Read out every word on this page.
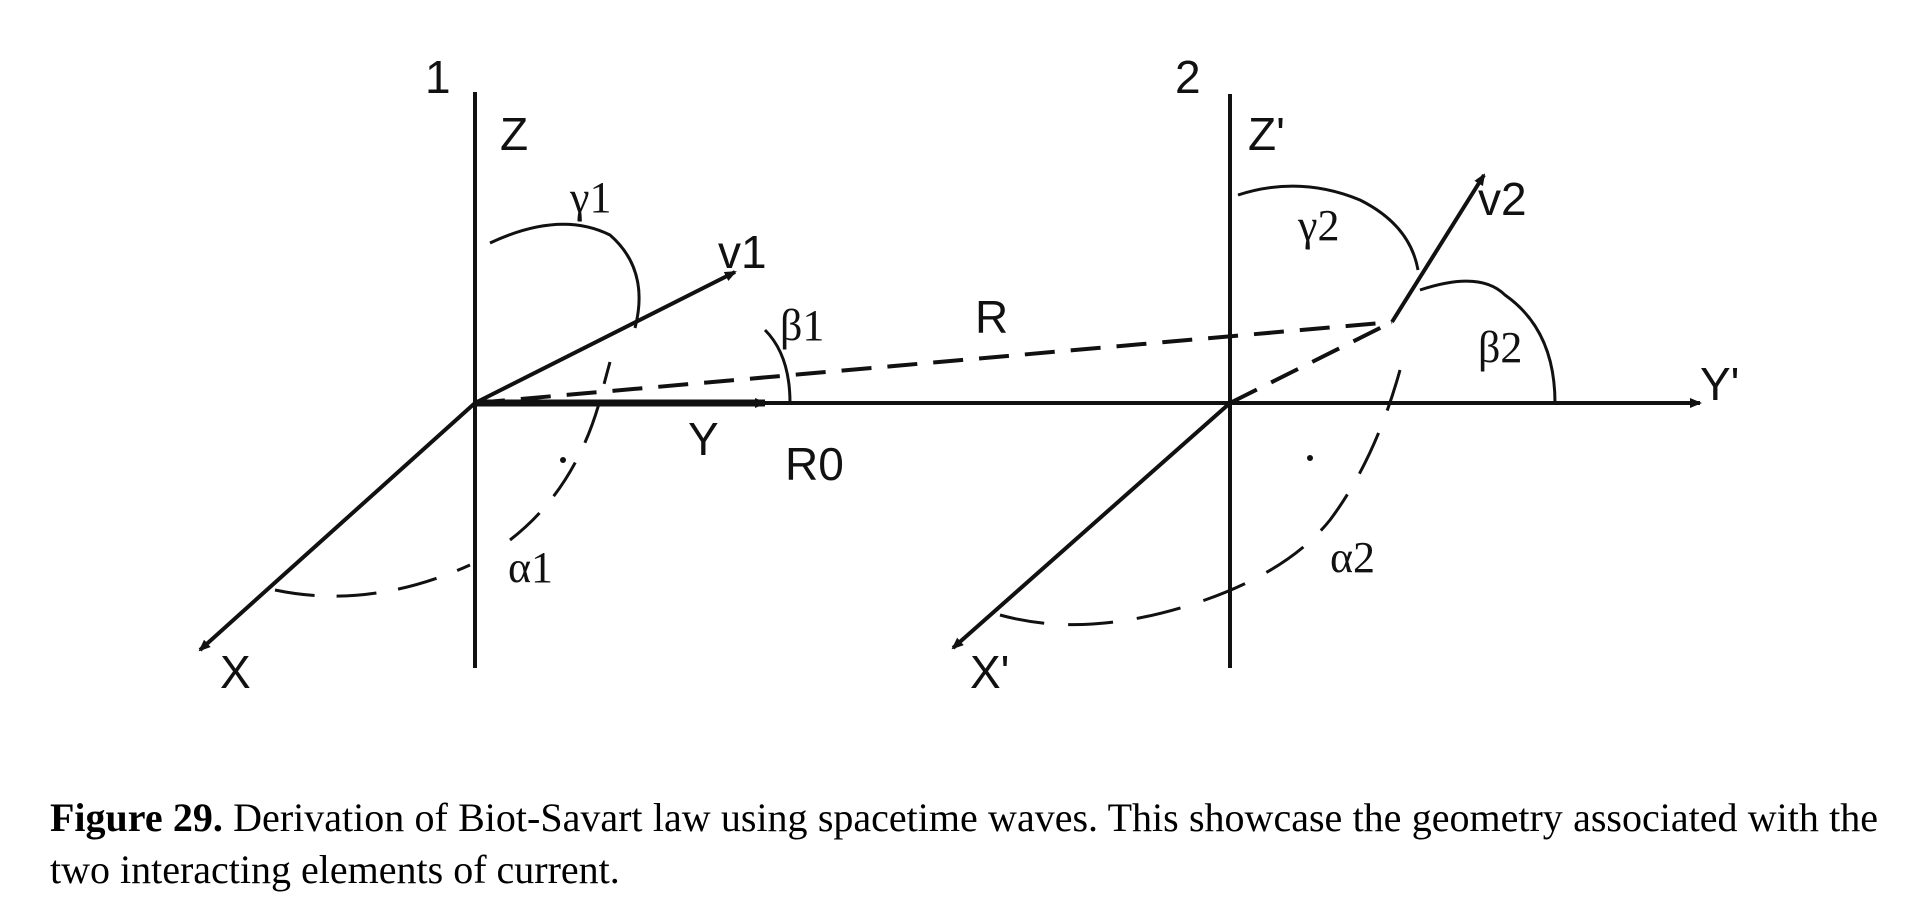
1	2
Z
Y
X
Z'
Y'
X'
v1
v2
R
R0
γ1
β1
α1
γ2
β2
α2
Figure 29. Derivation of Biot-Savart law using spacetime waves. This showcase the geometry associated with the two interacting elements of current.
